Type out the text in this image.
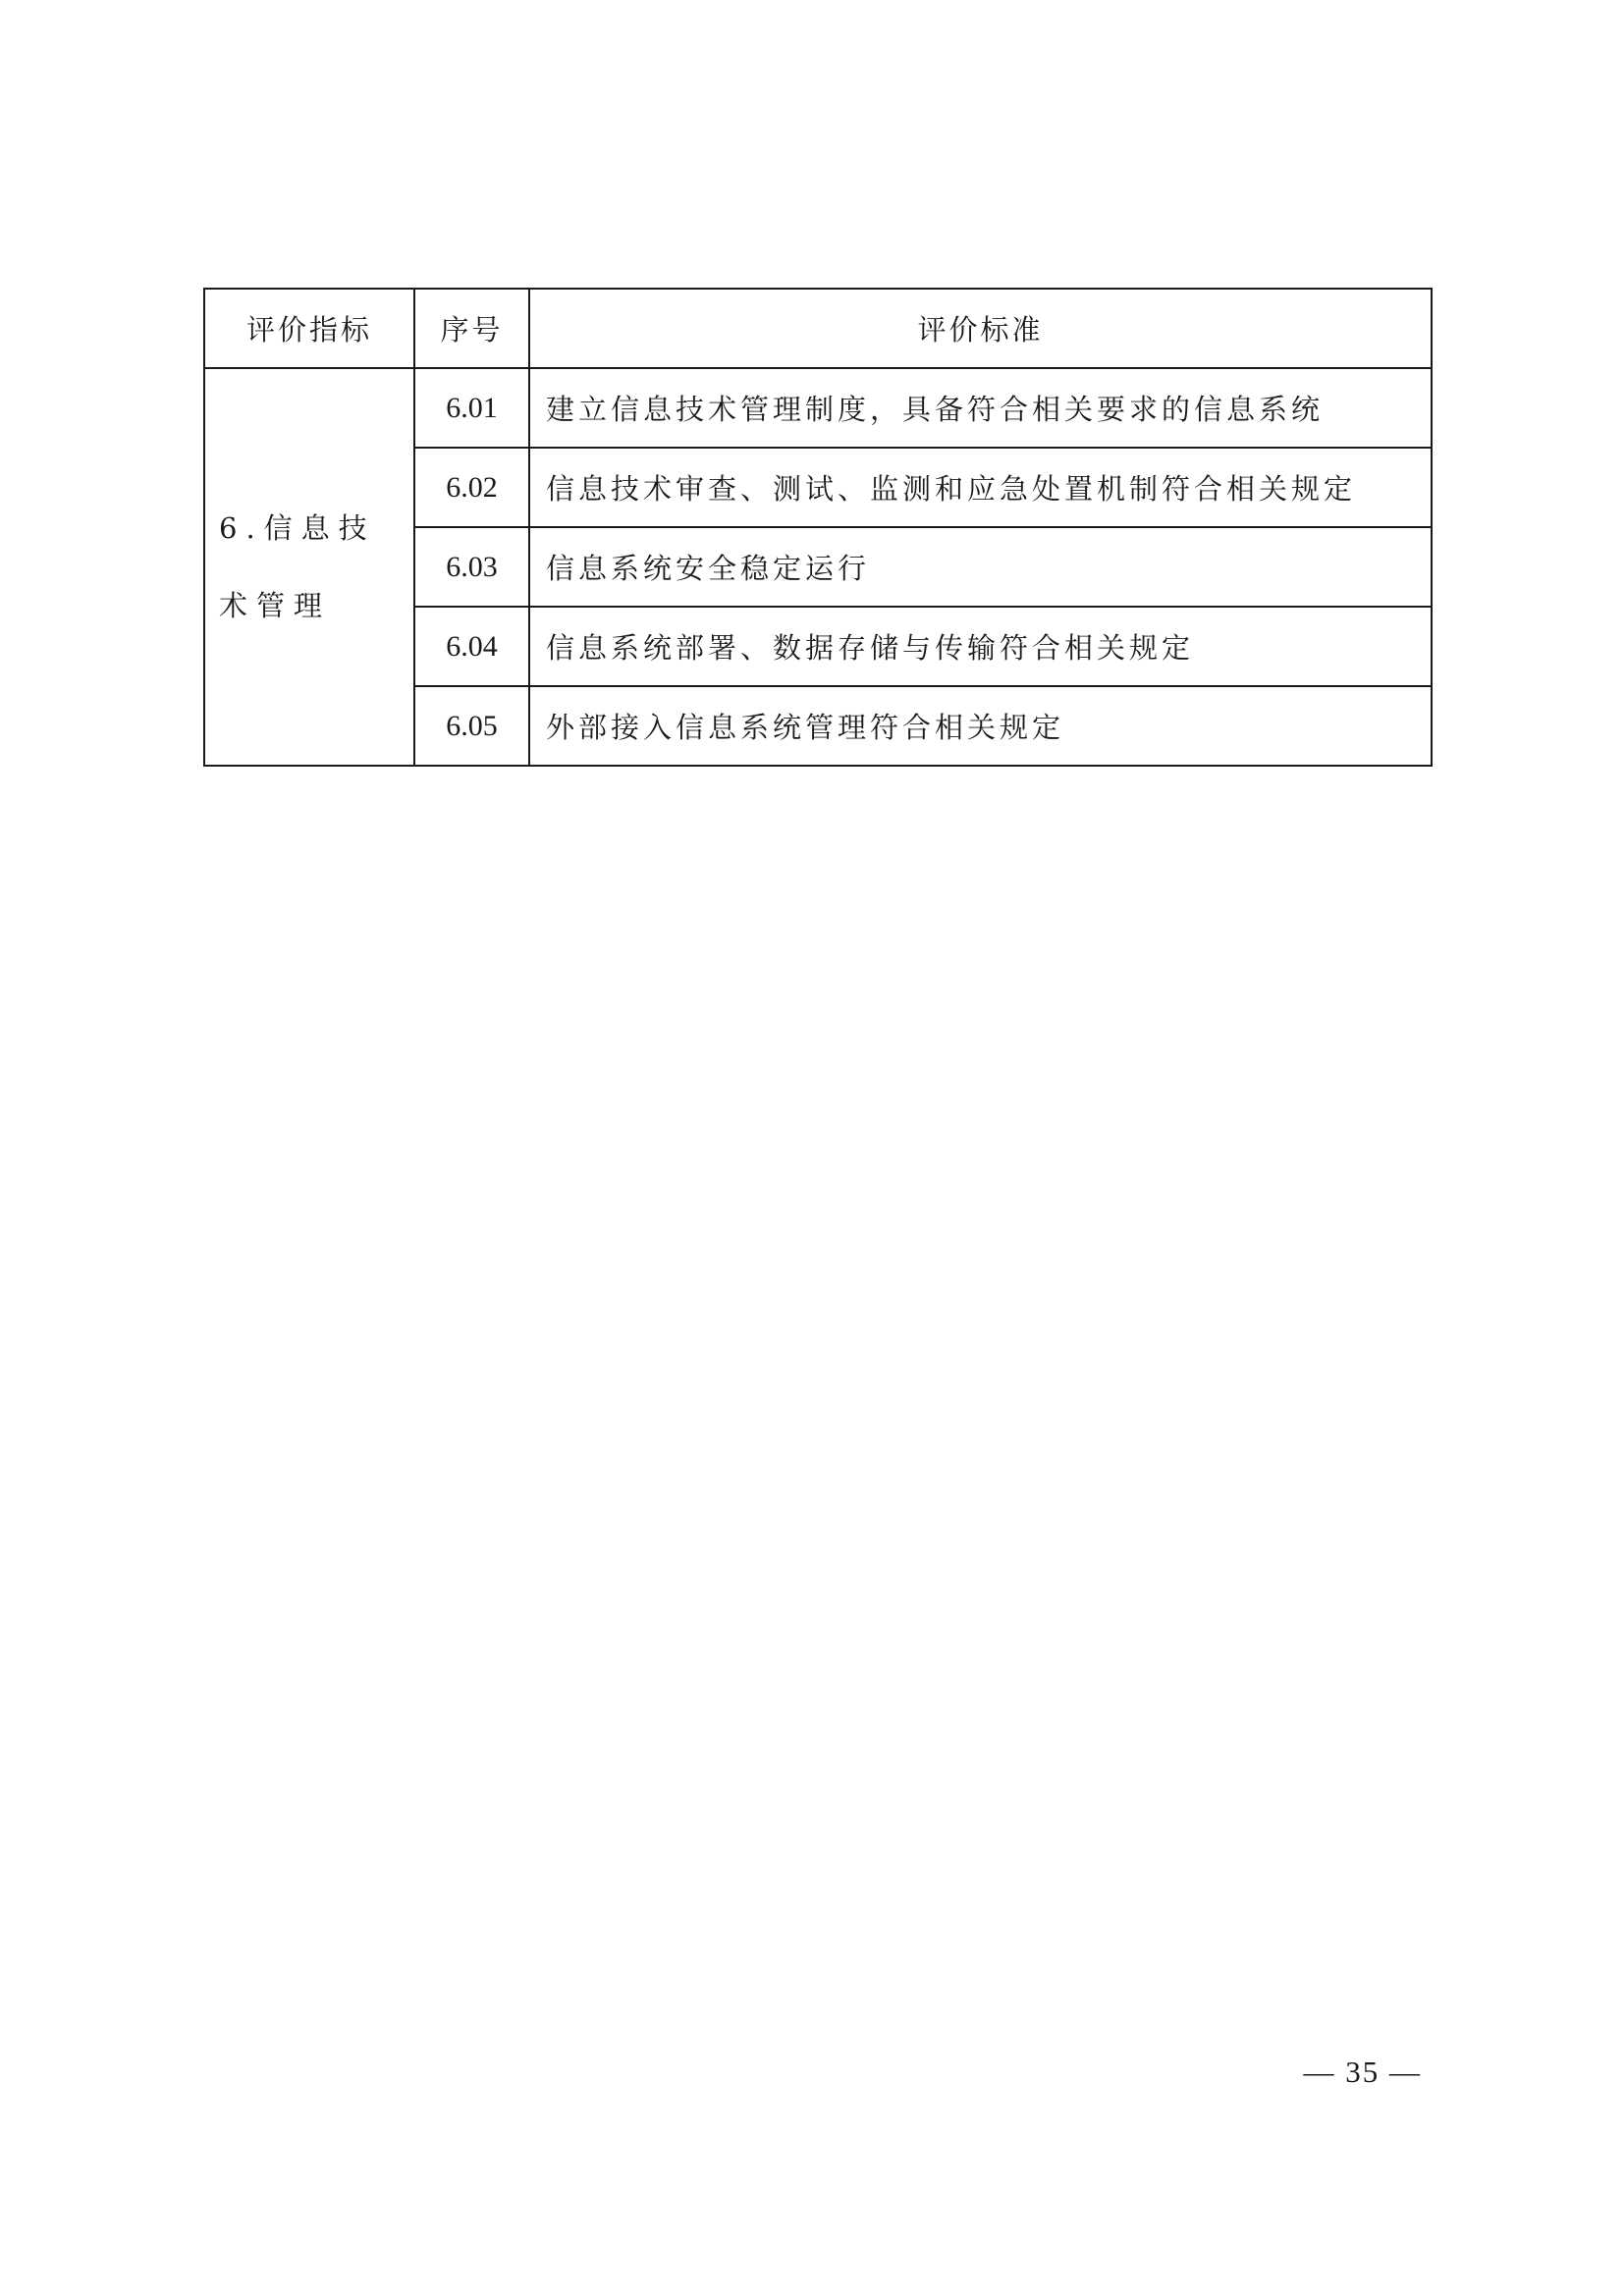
评价指标	序号	评价标准
6.信息技术管理	6.01	建立信息技术管理制度，具备符合相关要求的信息系统
	6.02	信息技术审查、测试、监测和应急处置机制符合相关规定
	6.03	信息系统安全稳定运行
	6.04	信息系统部署、数据存储与传输符合相关规定
	6.05	外部接入信息系统管理符合相关规定
— 35 —
